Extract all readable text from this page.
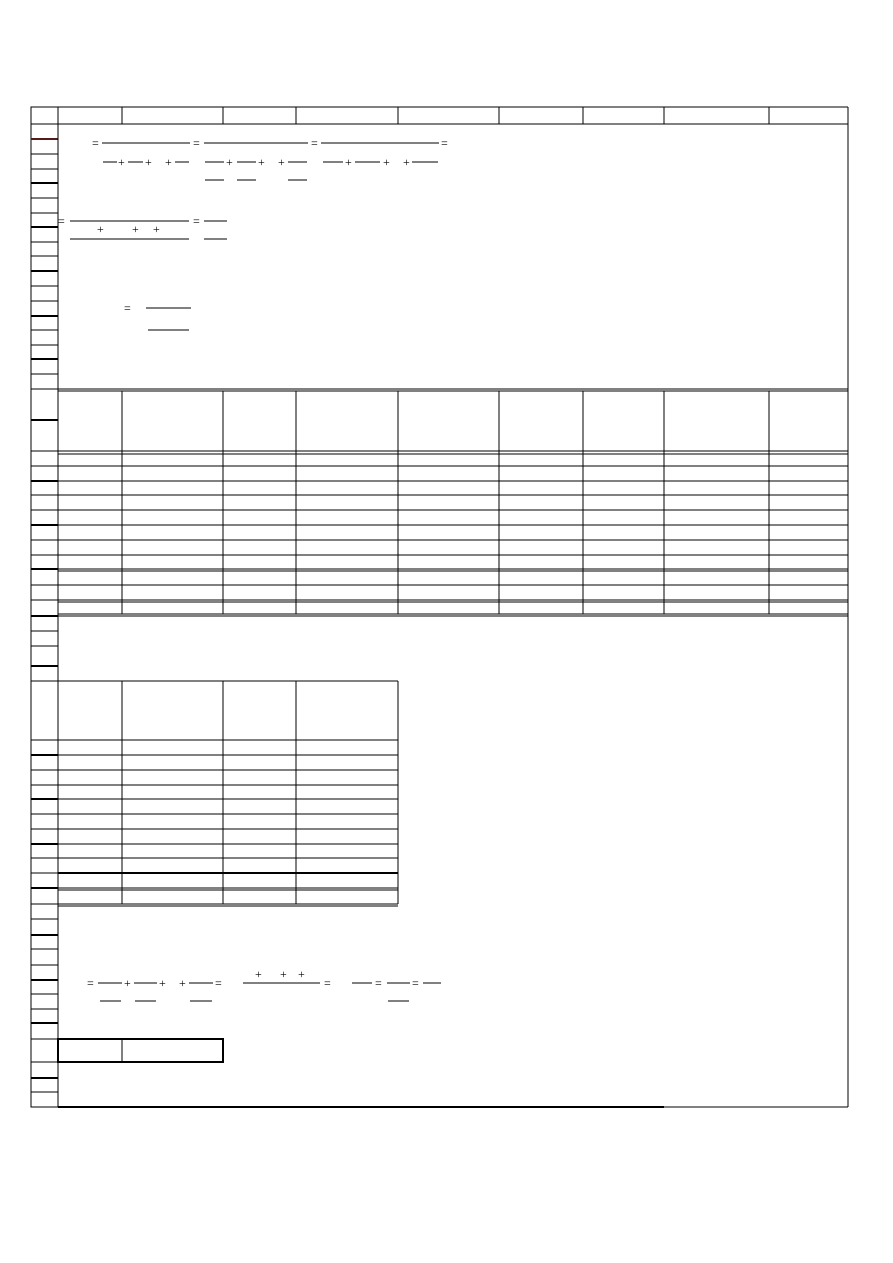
=	=	=	=
=	=
+ + +	+ + +	+	+ +
+ + +
=
=	=	=	=	=
+ + +
+ + +
